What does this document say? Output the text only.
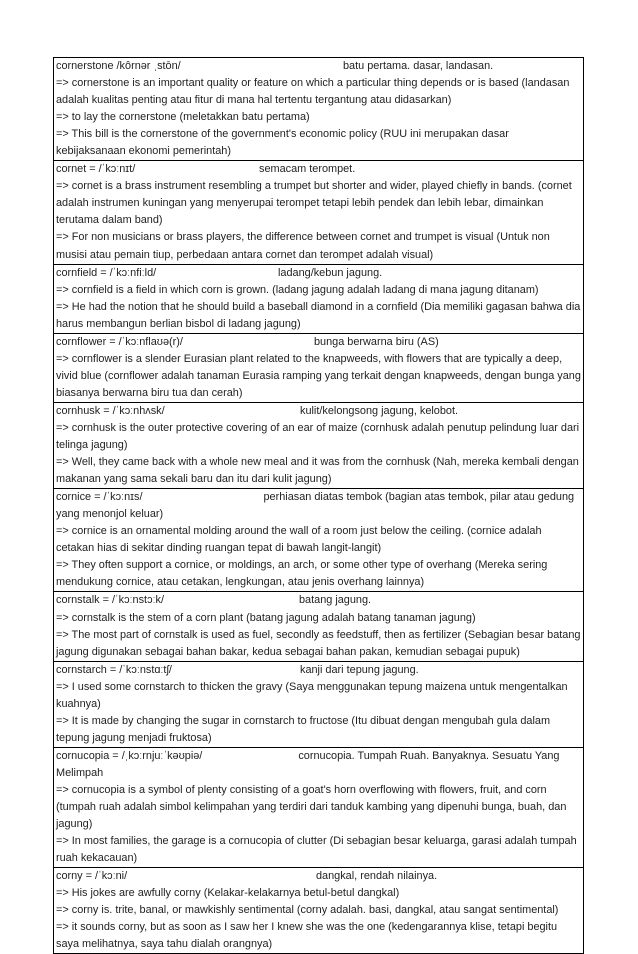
cornerstone /kôrnər ˌstōn/	batu pertama. dasar, landasan.
=> cornerstone is an important quality or feature on which a particular thing depends or is based (landasan adalah kualitas penting atau fitur di mana hal tertentu tergantung atau didasarkan)
=> to lay the cornerstone (meletakkan batu pertama)
=> This bill is the cornerstone of the government's economic policy (RUU ini merupakan dasar kebijaksanaan ekonomi pemerintah)
cornet = /ˈkɔːnɪt/	semacam terompet.
=> cornet is a brass instrument resembling a trumpet but shorter and wider, played chiefly in bands. (cornet adalah instrumen kuningan yang menyerupai terompet tetapi lebih pendek dan lebih lebar, dimainkan terutama dalam band)
=> For non musicians or brass players, the difference between cornet and trumpet is visual (Untuk non musisi atau pemain tiup, perbedaan antara cornet dan terompet adalah visual)
cornfield = /ˈkɔːnfiːld/	ladang/kebun jagung.
=> cornfield is a field in which corn is grown. (ladang jagung adalah ladang di mana jagung ditanam)
=> He had the notion that he should build a baseball diamond in a cornfield (Dia memiliki gagasan bahwa dia harus membangun berlian bisbol di ladang jagung)
cornflower = /ˈkɔːnflaʊə(r)/	bunga berwarna biru (AS)
=> cornflower is a slender Eurasian plant related to the knapweeds, with flowers that are typically a deep, vivid blue (cornflower adalah tanaman Eurasia ramping yang terkait dengan knapweeds, dengan bunga yang biasanya berwarna biru tua dan cerah)
cornhusk = /ˈkɔːnhʌsk/	kulit/kelongsong jagung, kelobot.
=> cornhusk is the outer protective covering of an ear of maize (cornhusk adalah penutup pelindung luar dari telinga jagung)
=> Well, they came back with a whole new meal and it was from the cornhusk (Nah, mereka kembali dengan makanan yang sama sekali baru dan itu dari kulit jagung)
cornice = /ˈkɔːnɪs/	perhiasan diatas tembok (bagian atas tembok, pilar atau gedung yang menonjol keluar)
=> cornice is an ornamental molding around the wall of a room just below the ceiling. (cornice adalah cetakan hias di sekitar dinding ruangan tepat di bawah langit-langit)
=> They often support a cornice, or moldings, an arch, or some other type of overhang (Mereka sering mendukung cornice, atau cetakan, lengkungan, atau jenis overhang lainnya)
cornstalk = /ˈkɔːnstɔːk/	batang jagung.
=> cornstalk is the stem of a corn plant (batang jagung adalah batang tanaman jagung)
=> The most part of cornstalk is used as fuel, secondly as feedstuff, then as fertilizer (Sebagian besar batang jagung digunakan sebagai bahan bakar, kedua sebagai bahan pakan, kemudian sebagai pupuk)
cornstarch = /ˈkɔːnstɑːtʃ/	kanji dari tepung jagung.
=> I used some cornstarch to thicken the gravy (Saya menggunakan tepung maizena untuk mengentalkan kuahnya)
=> It is made by changing the sugar in cornstarch to fructose (Itu dibuat dengan mengubah gula dalam tepung jagung menjadi fruktosa)
cornucopia = /ˌkɔːrnjuːˈkəʊpiə/	cornucopia. Tumpah Ruah. Banyaknya. Sesuatu Yang Melimpah
=> cornucopia is a symbol of plenty consisting of a goat's horn overflowing with flowers, fruit, and corn (tumpah ruah adalah simbol kelimpahan yang terdiri dari tanduk kambing yang dipenuhi bunga, buah, dan jagung)
=> In most families, the garage is a cornucopia of clutter (Di sebagian besar keluarga, garasi adalah tumpah ruah kekacauan)
corny = /ˈkɔːni/	dangkal, rendah nilainya.
=> His jokes are awfully corny (Kelakar-kelakarnya betul-betul dangkal)
=> corny is. trite, banal, or mawkishly sentimental (corny adalah. basi, dangkal, atau sangat sentimental)
=> it sounds corny, but as soon as I saw her I knew she was the one (kedengarannya klise, tetapi begitu saya melihatnya, saya tahu dialah orangnya)
